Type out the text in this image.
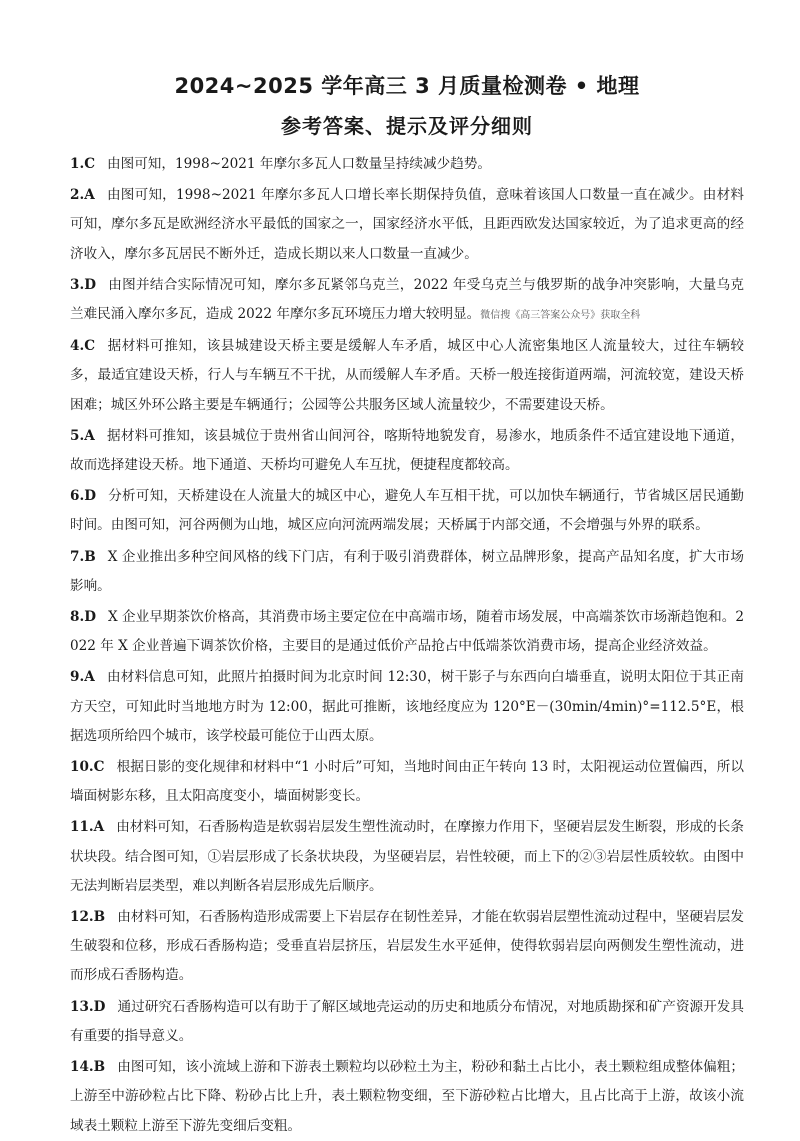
2024~2025 学年高三 3 月质量检测卷 • 地理
参考答案、提示及评分细则

1.C 由图可知，1998~2021 年摩尔多瓦人口数量呈持续减少趋势。

2.A 由图可知，1998~2021 年摩尔多瓦人口增长率长期保持负值，意味着该国人口数量一直在减少。由材料可知，摩尔多瓦是欧洲经济水平最低的国家之一，国家经济水平低，且距西欧发达国家较近，为了追求更高的经济收入，摩尔多瓦居民不断外迁，造成长期以来人口数量一直减少。

3.D 由图并结合实际情况可知，摩尔多瓦紧邻乌克兰，2022 年受乌克兰与俄罗斯的战争冲突影响，大量乌克兰难民涌入摩尔多瓦，造成 2022 年摩尔多瓦环境压力增大较明显。微信搜《高三答案公众号》获取全科

4.C 据材料可推知，该县城建设天桥主要是缓解人车矛盾，城区中心人流密集地区人流量较大，过往车辆较多，最适宜建设天桥，行人与车辆互不干扰，从而缓解人车矛盾。天桥一般连接街道两端，河流较宽，建设天桥困难；城区外环公路主要是车辆通行；公园等公共服务区域人流量较少，不需要建设天桥。

5.A 据材料可推知，该县城位于贵州省山间河谷，喀斯特地貌发育，易渗水，地质条件不适宜建设地下通道，故而选择建设天桥。地下通道、天桥均可避免人车互扰，便捷程度都较高。

6.D 分析可知，天桥建设在人流量大的城区中心，避免人车互相干扰，可以加快车辆通行，节省城区居民通勤时间。由图可知，河谷两侧为山地，城区应向河流两端发展；天桥属于内部交通，不会增强与外界的联系。

7.B X 企业推出多种空间风格的线下门店，有利于吸引消费群体，树立品牌形象，提高产品知名度，扩大市场影响。

8.D X 企业早期茶饮价格高，其消费市场主要定位在中高端市场，随着市场发展，中高端茶饮市场渐趋饱和。2022 年 X 企业普遍下调茶饮价格，主要目的是通过低价产品抢占中低端茶饮消费市场，提高企业经济效益。

9.A 由材料信息可知，此照片拍摄时间为北京时间 12:30，树干影子与东西向白墙垂直，说明太阳位于其正南方天空，可知此时当地地方时为 12:00，据此可推断，该地经度应为 120°E－(30min/4min)°=112.5°E，根据选项所给四个城市，该学校最可能位于山西太原。

10.C 根据日影的变化规律和材料中“1 小时后”可知，当地时间由正午转向 13 时，太阳视运动位置偏西，所以墙面树影东移，且太阳高度变小，墙面树影变长。

11.A 由材料可知，石香肠构造是软弱岩层发生塑性流动时，在摩擦力作用下，坚硬岩层发生断裂，形成的长条状块段。结合图可知，①岩层形成了长条状块段，为坚硬岩层，岩性较硬，而上下的②③岩层性质较软。由图中无法判断岩层类型，难以判断各岩层形成先后顺序。

12.B 由材料可知，石香肠构造形成需要上下岩层存在韧性差异，才能在软弱岩层塑性流动过程中，坚硬岩层发生破裂和位移，形成石香肠构造；受垂直岩层挤压，岩层发生水平延伸，使得软弱岩层向两侧发生塑性流动，进而形成石香肠构造。

13.D 通过研究石香肠构造可以有助于了解区域地壳运动的历史和地质分布情况，对地质勘探和矿产资源开发具有重要的指导意义。

14.B 由图可知，该小流域上游和下游表土颗粒均以砂粒土为主，粉砂和黏土占比小，表土颗粒组成整体偏粗；上游至中游砂粒占比下降、粉砂占比上升，表土颗粒物变细，至下游砂粒占比增大，且占比高于上游，故该小流域表土颗粒上游至下游先变细后变粗。
